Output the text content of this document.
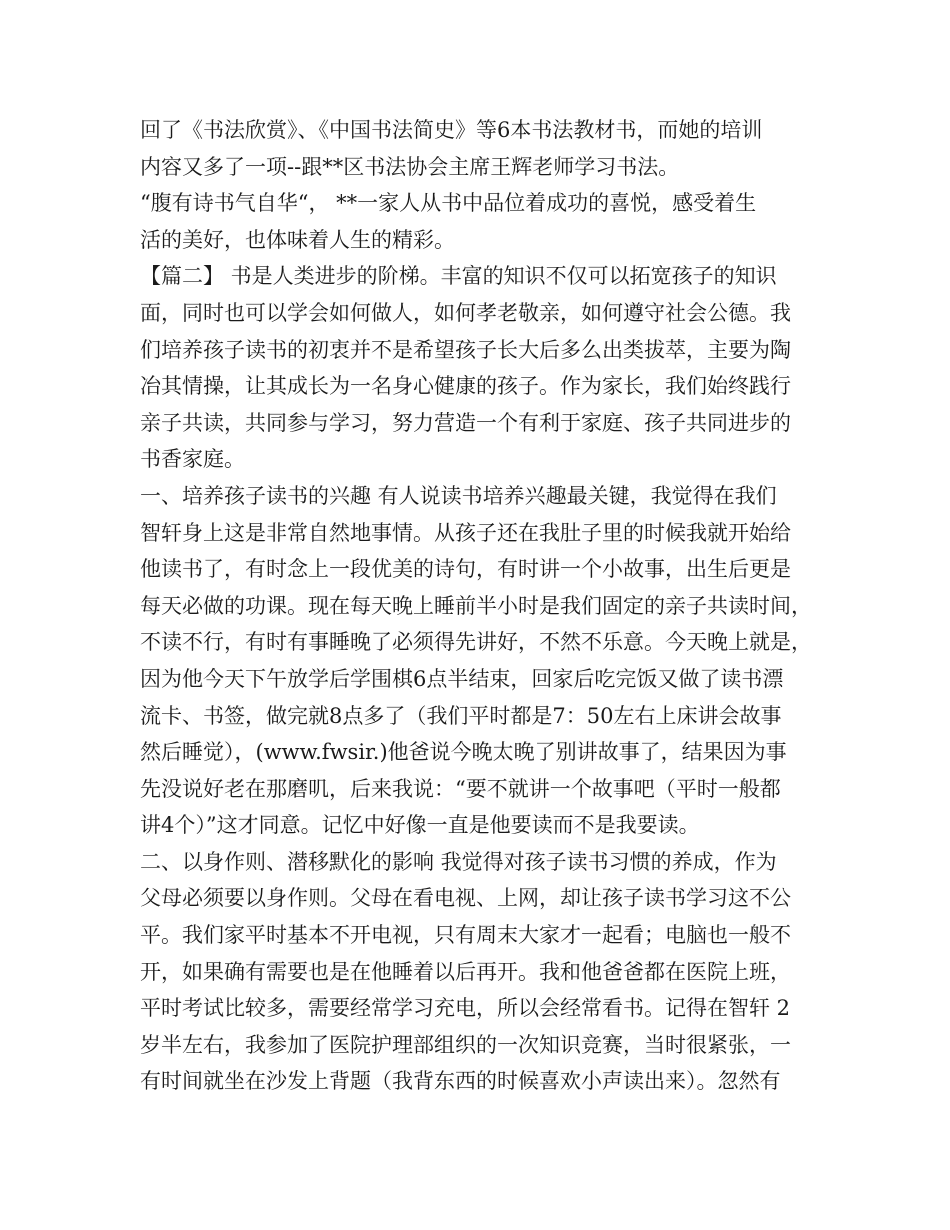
回了《书法欣赏》、《中国书法简史》等6本书法教材书，而她的培训
内容又多了一项--跟**区书法协会主席王辉老师学习书法。
“腹有诗书气自华“， **一家人从书中品位着成功的喜悦，感受着生
活的美好，也体味着人生的精彩。
【篇二】 书是人类进步的阶梯。丰富的知识不仅可以拓宽孩子的知识
面，同时也可以学会如何做人，如何孝老敬亲，如何遵守社会公德。我
们培养孩子读书的初衷并不是希望孩子长大后多么出类拔萃，主要为陶
冶其情操，让其成长为一名身心健康的孩子。作为家长，我们始终践行
亲子共读，共同参与学习，努力营造一个有利于家庭、孩子共同进步的
书香家庭。
一、培养孩子读书的兴趣 有人说读书培养兴趣最关键，我觉得在我们
智轩身上这是非常自然地事情。从孩子还在我肚子里的时候我就开始给
他读书了，有时念上一段优美的诗句，有时讲一个小故事，出生后更是
每天必做的功课。现在每天晚上睡前半小时是我们固定的亲子共读时间，
不读不行，有时有事睡晚了必须得先讲好，不然不乐意。今天晚上就是，
因为他今天下午放学后学围棋6点半结束，回家后吃完饭又做了读书漂
流卡、书签，做完就8点多了（我们平时都是7：50左右上床讲会故事
然后睡觉），(www.fwsir.)他爸说今晚太晚了别讲故事了，结果因为事
先没说好老在那磨叽，后来我说：“要不就讲一个故事吧（平时一般都
讲4个）”这才同意。记忆中好像一直是他要读而不是我要读。
二、以身作则、潜移默化的影响 我觉得对孩子读书习惯的养成，作为
父母必须要以身作则。父母在看电视、上网，却让孩子读书学习这不公
平。我们家平时基本不开电视，只有周末大家才一起看；电脑也一般不
开，如果确有需要也是在他睡着以后再开。我和他爸爸都在医院上班，
平时考试比较多，需要经常学习充电，所以会经常看书。记得在智轩 2
岁半左右，我参加了医院护理部组织的一次知识竞赛，当时很紧张，一
有时间就坐在沙发上背题（我背东西的时候喜欢小声读出来）。忽然有
